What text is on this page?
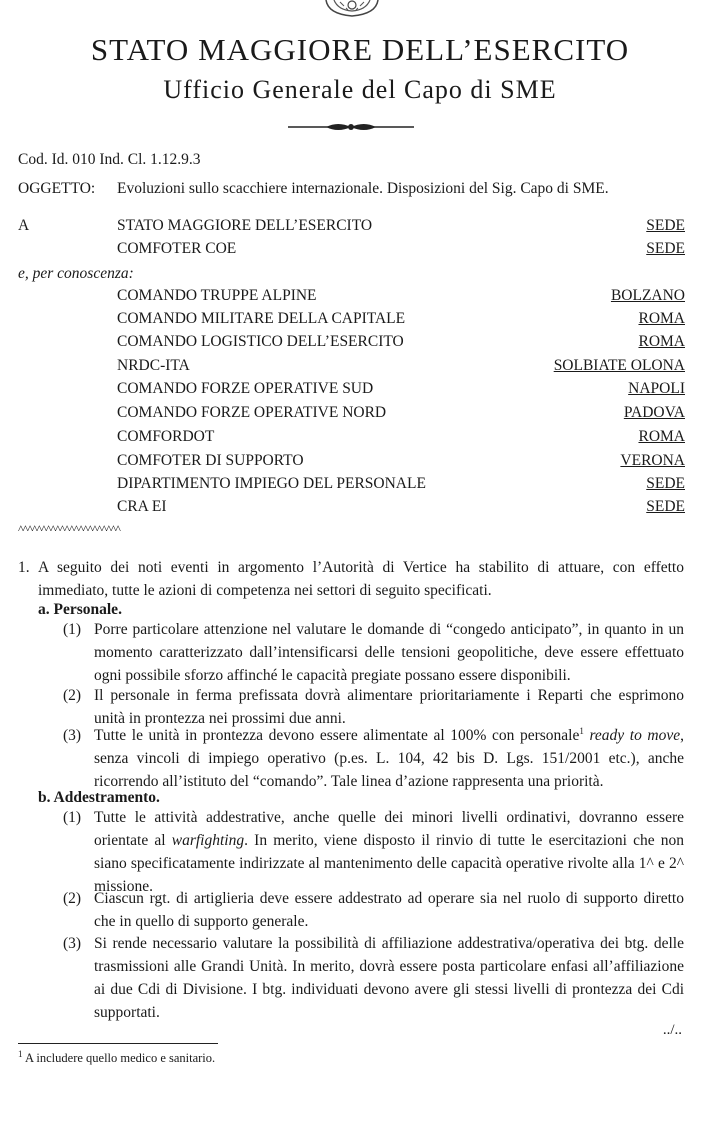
STATO MAGGIORE DELL’ESERCITO
Ufficio Generale del Capo di SME
Cod. Id. 010 Ind. Cl. 1.12.9.3
OGGETTO: Evoluzioni sullo scacchiere internazionale. Disposizioni del Sig. Capo di SME.
A	STATO MAGGIORE DELL’ESERCITO	SEDE
COMFOTER COE	SEDE
e, per conoscenza:
COMANDO TRUPPE ALPINE	BOLZANO
COMANDO MILITARE DELLA CAPITALE	ROMA
COMANDO LOGISTICO DELL’ESERCITO	ROMA
NRDC-ITA	SOLBIATE OLONA
COMANDO FORZE OPERATIVE SUD	NAPOLI
COMANDO FORZE OPERATIVE NORD	PADOVA
COMFORDOT	ROMA
COMFOTER DI SUPPORTO	VERONA
DIPARTIMENTO IMPIEGO DEL PERSONALE	SEDE
CRA EI	SEDE
^^^^^^^^^^^^^^^^^^^^^^
1. A seguito dei noti eventi in argomento l’Autorità di Vertice ha stabilito di attuare, con effetto immediato, tutte le azioni di competenza nei settori di seguito specificati.

a. Personale.
(1) Porre particolare attenzione nel valutare le domande di “congedo anticipato”, in quanto in un momento caratterizzato dall’intensificarsi delle tensioni geopolitiche, deve essere effettuato ogni possibile sforzo affinché le capacità pregiate possano essere disponibili.

(2) Il personale in ferma prefissata dovrà alimentare prioritariamente i Reparti che esprimono unità in prontezza nei prossimi due anni.

(3) Tutte le unità in prontezza devono essere alimentate al 100% con personale$^1$ ready to move, senza vincoli di impiego operativo (p.es. L. 104, 42 bis D. Lgs. 151/2001 etc.), anche ricorrendo all’istituto del “comando”. Tale linea d’azione rappresenta una priorità.

b. Addestramento.
(1) Tutte le attività addestrative, anche quelle dei minori livelli ordinativi, dovranno essere orientate al warfighting. In merito, viene disposto il rinvio di tutte le esercitazioni che non siano specificatamente indirizzate al mantenimento delle capacità operative rivolte alla 1^ e 2^ missione.

(2) Ciascun rgt. di artiglieria deve essere addestrato ad operare sia nel ruolo di supporto diretto che in quello di supporto generale.

(3) Si rende necessario valutare la possibilità di affiliazione addestrativa/operativa dei btg. delle trasmissioni alle Grandi Unità. In merito, dovrà essere posta particolare enfasi all’affiliazione ai due Cdi di Divisione. I btg. individuati devono avere gli stessi livelli di prontezza dei Cdi supportati.

../..
$^1$ A includere quello medico e sanitario.
